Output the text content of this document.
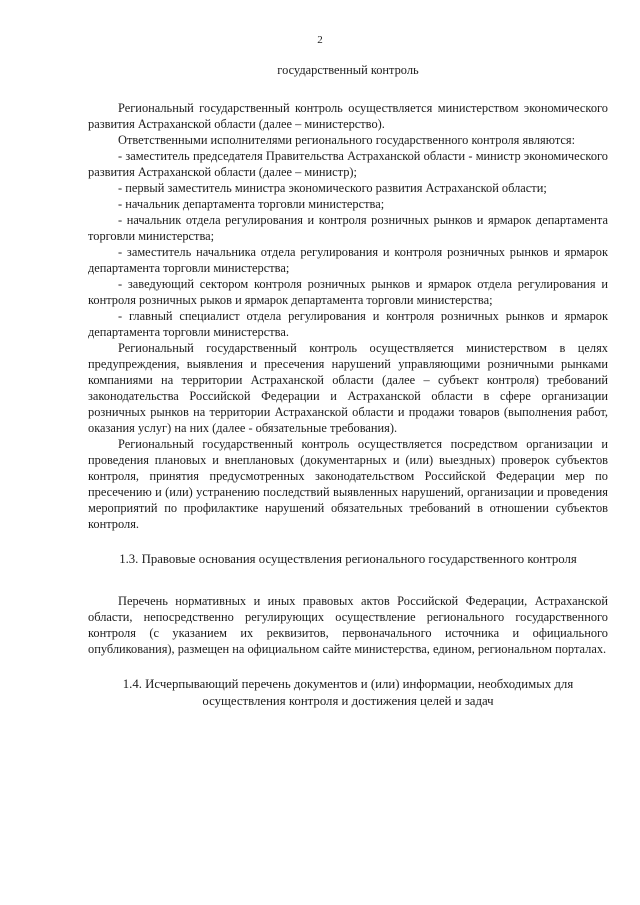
2
государственный контроль

Региональный государственный контроль осуществляется министерством экономического развития Астраханской области (далее – министерство).

Ответственными исполнителями регионального государственного контроля являются:

- заместитель председателя Правительства Астраханской области - министр экономического развития Астраханской области (далее – министр);

- первый заместитель министра экономического развития Астраханской области;

- начальник департамента торговли министерства;

- начальник отдела регулирования и контроля розничных рынков и ярмарок департамента торговли министерства;

- заместитель начальника отдела регулирования и контроля розничных рынков и ярмарок департамента торговли министерства;

- заведующий сектором контроля розничных рынков и ярмарок отдела регулирования и контроля розничных рыков и ярмарок департамента торговли министерства;

- главный специалист отдела регулирования и контроля розничных рынков и ярмарок департамента торговли министерства.

Региональный государственный контроль осуществляется министерством в целях предупреждения, выявления и пресечения нарушений управляющими розничными рынками компаниями на территории Астраханской области (далее – субъект контроля) требований законодательства Российской Федерации и Астраханской области в сфере организации розничных рынков на территории Астраханской области и продажи товаров (выполнения работ, оказания услуг) на них (далее - обязательные требования).

Региональный государственный контроль осуществляется посредством организации и проведения плановых и внеплановых (документарных и (или) выездных) проверок субъектов контроля, принятия предусмотренных законодательством Российской Федерации мер по пресечению и (или) устранению последствий выявленных нарушений, организации и проведения мероприятий по профилактике нарушений обязательных требований в отношении субъектов контроля.

1.3. Правовые основания осуществления регионального государственного контроля

Перечень нормативных и иных правовых актов Российской Федерации, Астраханской области, непосредственно регулирующих осуществление регионального государственного контроля (с указанием их реквизитов, первоначального источника и официального опубликования), размещен на официальном сайте министерства, едином, региональном порталах.

1.4. Исчерпывающий перечень документов и (или) информации, необходимых для осуществления контроля и достижения целей и задач
